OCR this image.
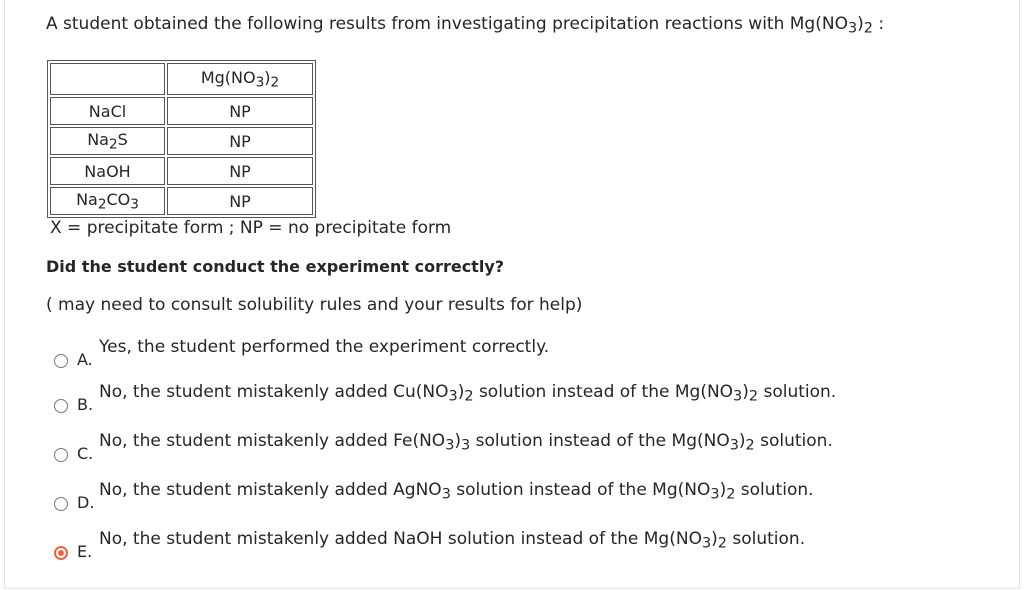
A student obtained the following results from investigating precipitation reactions with $Mg(NO_3)_2$ :
	$Mg(NO_3)_2$
NaCl	NP
$Na_2S$	NP
NaOH	NP
$Na_2CO_3$	NP
X = precipitate form ; NP = no precipitate form
Did the student conduct the experiment correctly?
( may need to consult solubility rules and your results for help)
A.
Yes, the student performed the experiment correctly.
B.
No, the student mistakenly added $Cu(NO_3)_2$ solution instead of the $Mg(NO_3)_2$ solution.
C.
No, the student mistakenly added $Fe(NO_3)_3$ solution instead of the $Mg(NO_3)_2$ solution.
D.
No, the student mistakenly added AgNO$_3$ solution instead of the $Mg(NO_3)_2$ solution.
E.
No, the student mistakenly added NaOH solution instead of the $Mg(NO_3)_2$ solution.
